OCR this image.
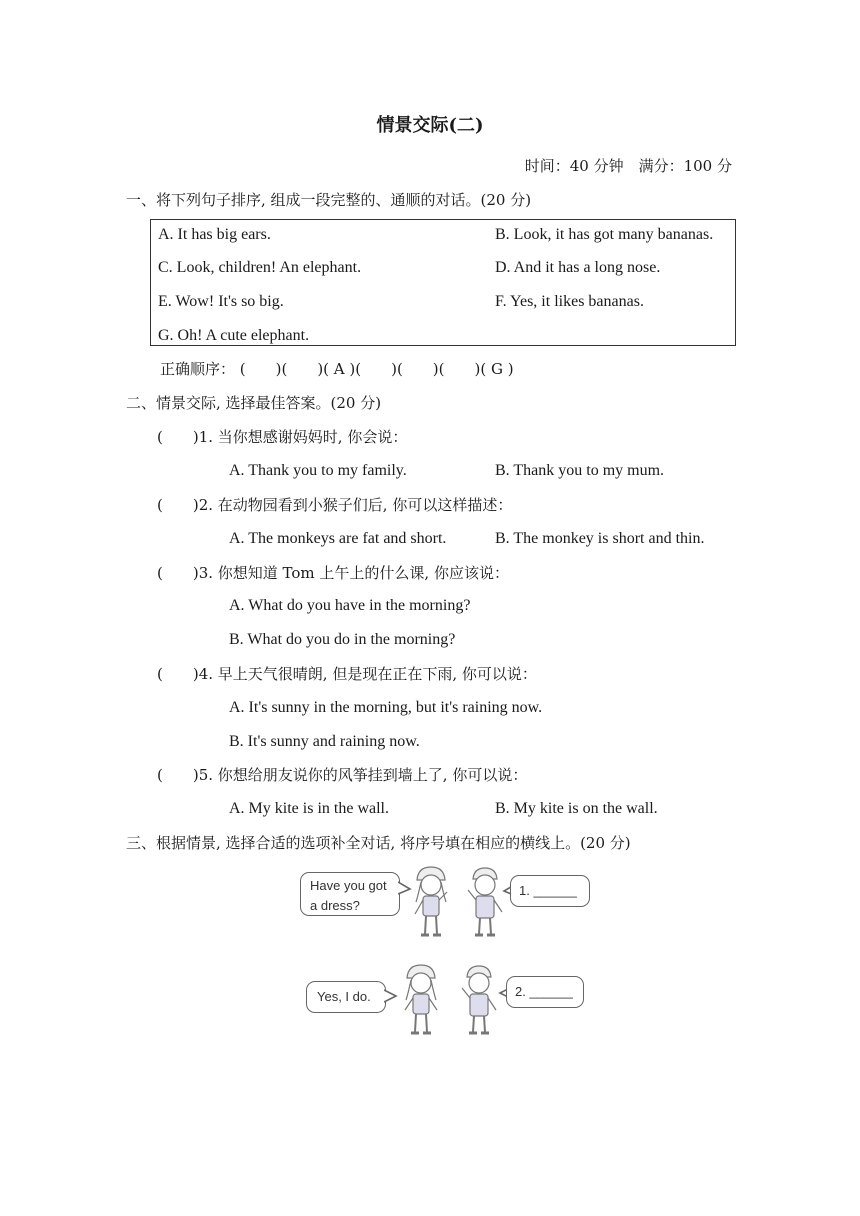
情景交际(二)
时间：40 分钟　满分：100 分
一、将下列句子排序, 组成一段完整的、通顺的对话。(20 分)
A. It has big ears.	B. Look, it has got many bananas.
C. Look, children! An elephant.	D. And it has a long nose.
E. Wow! It's so big.	F. Yes, it likes bananas.
G. Oh! A cute elephant.
正确顺序： (　　)(　　)( A )(　　)(　　)(　　)( G )
二、情景交际, 选择最佳答案。(20 分)
(　　)1. 当你想感谢妈妈时, 你会说：
A. Thank you to my family.	B. Thank you to my mum.
(　　)2. 在动物园看到小猴子们后, 你可以这样描述：
A. The monkeys are fat and short.	B. The monkey is short and thin.
(　　)3. 你想知道 Tom 上午上的什么课, 你应该说：
A. What do you have in the morning?
B. What do you do in the morning?
(　　)4. 早上天气很晴朗, 但是现在正在下雨, 你可以说：
A. It's sunny in the morning, but it's raining now.
B. It's sunny and raining now.
(　　)5. 你想给朋友说你的风筝挂到墙上了, 你可以说：
A. My kite is in the wall.	B. My kite is on the wall.
三、根据情景, 选择合适的选项补全对话, 将序号填在相应的横线上。(20 分)
Have you got
a dress?
1. ______
Yes, I do.	2. ______
